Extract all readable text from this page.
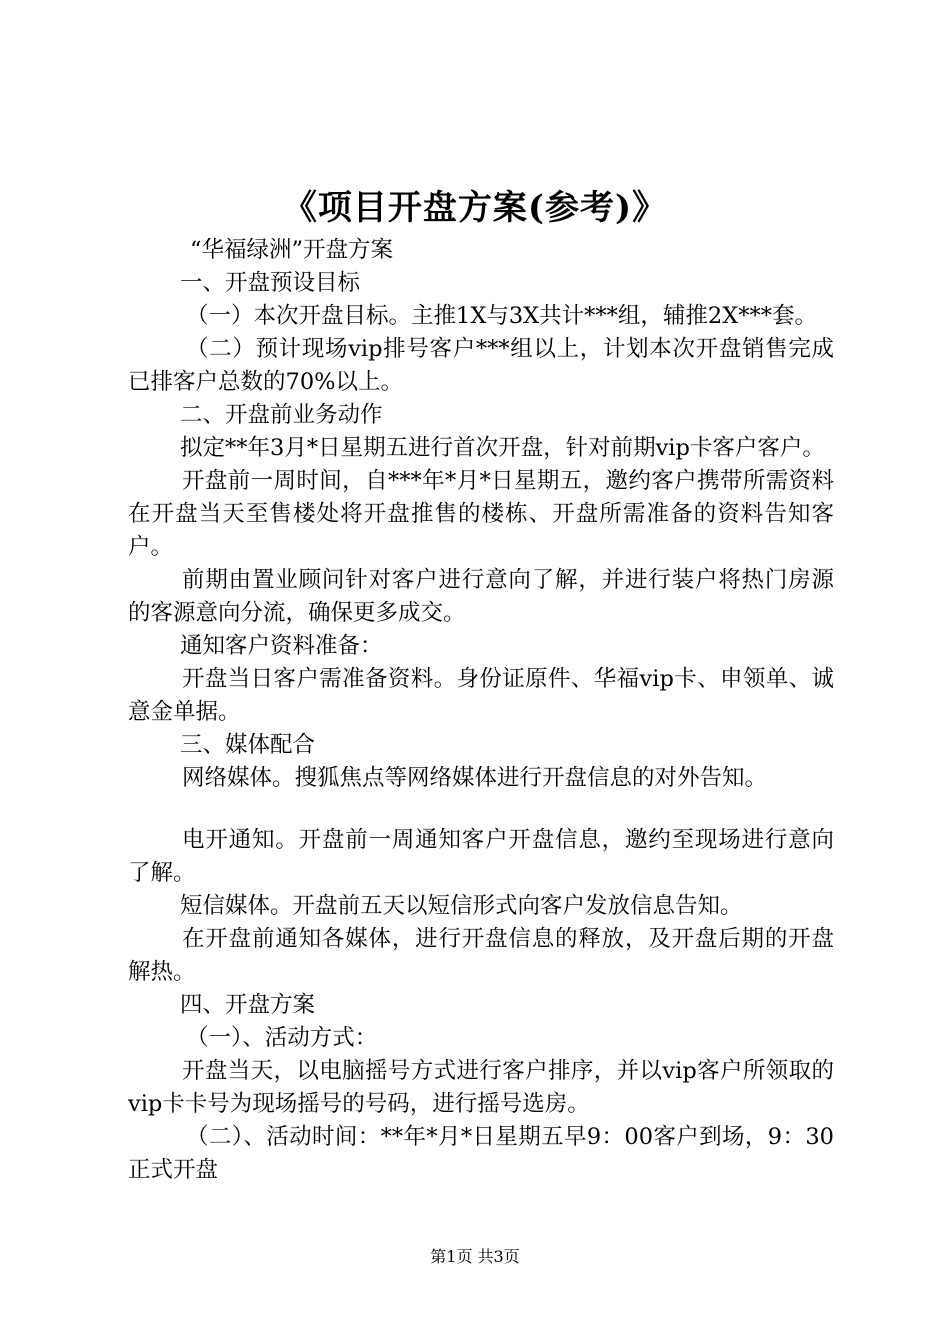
《项目开盘方案(参考)》

“华福绿洲”开盘方案

一、开盘预设目标

（一）本次开盘目标。主推1X与3X共计***组，辅推2X***套。

（二）预计现场vip排号客户***组以上，计划本次开盘销售完成已排客户总数的70%以上。

二、开盘前业务动作

拟定**年3月*日星期五进行首次开盘，针对前期vip卡客户客户。

开盘前一周时间，自***年*月*日星期五，邀约客户携带所需资料在开盘当天至售楼处将开盘推售的楼栋、开盘所需准备的资料告知客户。

前期由置业顾问针对客户进行意向了解，并进行装户将热门房源的客源意向分流，确保更多成交。

通知客户资料准备：

开盘当日客户需准备资料。身份证原件、华福vip卡、申领单、诚意金单据。

三、媒体配合

网络媒体。搜狐焦点等网络媒体进行开盘信息的对外告知。

电开通知。开盘前一周通知客户开盘信息，邀约至现场进行意向了解。

短信媒体。开盘前五天以短信形式向客户发放信息告知。

在开盘前通知各媒体，进行开盘信息的释放，及开盘后期的开盘解热。

四、开盘方案

（一）、活动方式：

开盘当天，以电脑摇号方式进行客户排序，并以vip客户所领取的vip卡卡号为现场摇号的号码，进行摇号选房。

（二）、活动时间：**年*月*日星期五早9：00客户到场，9：30正式开盘

第1页 共3页
